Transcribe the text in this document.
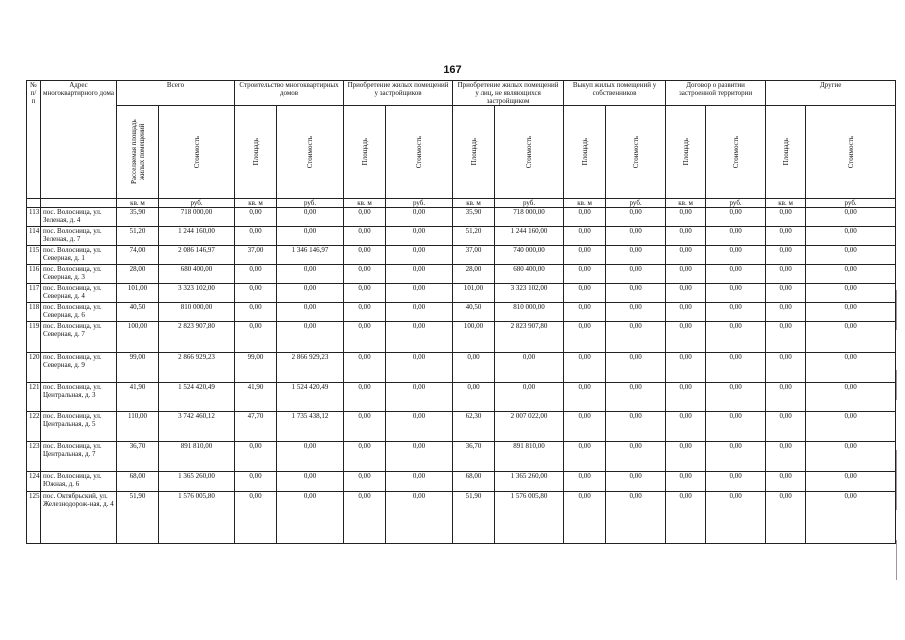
167
№ п/п	Адрес многоквартирного дома	Всего		Строительство многоквартирных домов		Приобретение жилых помещений у застройщиков		Приобретение жилых помещений у лиц, не являющихся застройщиком		Выкуп жилых помещений у собственников		Договор о развитии застроенной территории		Другие	

		Расселяемая площадь жилых помещений	Стоимость	Площадь	Стоимость	Площадь	Стоимость	Площадь	Стоимость	Площадь	Стоимость	Площадь	Стоимость	Площадь	Стоимость

		кв. м	руб.	кв. м	руб.	кв. м	руб.	кв. м	руб.	кв. м	руб.	кв. м	руб.	кв. м	руб.
113	пос. Волосница, ул. Зеленая, д. 4	35,90	718 000,00	0,00	0,00	0,00	0,00	35,90	718 000,00	0,00	0,00	0,00	0,00	0,00	0,00
114	пос. Волосница, ул. Зеленая, д. 7	51,20	1 244 160,00	0,00	0,00	0,00	0,00	51,20	1 244 160,00	0,00	0,00	0,00	0,00	0,00	0,00
115	пос. Волосница, ул. Северная, д. 1	74,00	2 086 146,97	37,00	1 346 146,97	0,00	0,00	37,00	740 000,00	0,00	0,00	0,00	0,00	0,00	0,00
116	пос. Волосница, ул. Северная, д. 3	28,00	680 400,00	0,00	0,00	0,00	0,00	28,00	680 400,00	0,00	0,00	0,00	0,00	0,00	0,00
117	пос. Волосница, ул. Северная, д. 4	101,00	3 323 102,00	0,00	0,00	0,00	0,00	101,00	3 323 102,00	0,00	0,00	0,00	0,00	0,00	0,00
118	пос. Волосница, ул. Северная, д. 6	40,50	810 000,00	0,00	0,00	0,00	0,00	40,50	810 000,00	0,00	0,00	0,00	0,00	0,00	0,00
119	пос. Волосница, ул. Северная, д. 7	100,00	2 823 907,80	0,00	0,00	0,00	0,00	100,00	2 823 907,80	0,00	0,00	0,00	0,00	0,00	0,00
120	пос. Волосница, ул. Северная, д. 9	99,00	2 866 929,23	99,00	2 866 929,23	0,00	0,00	0,00	0,00	0,00	0,00	0,00	0,00	0,00	0,00
121	пос. Волосница, ул. Центральная, д. 3	41,90	1 524 420,49	41,90	1 524 420,49	0,00	0,00	0,00	0,00	0,00	0,00	0,00	0,00	0,00	0,00
122	пос. Волосница, ул. Центральная, д. 5	110,00	3 742 460,12	47,70	1 735 438,12	0,00	0,00	62,30	2 007 022,00	0,00	0,00	0,00	0,00	0,00	0,00
123	пос. Волосница, ул. Центральная, д. 7	36,70	891 810,00	0,00	0,00	0,00	0,00	36,70	891 810,00	0,00	0,00	0,00	0,00	0,00	0,00
124	пос. Волосница, ул. Южная, д. 6	68,00	1 365 260,00	0,00	0,00	0,00	0,00	68,00	1 365 260,00	0,00	0,00	0,00	0,00	0,00	0,00
125	пос. Октябрьский, ул. Железнодорож-ная, д. 4	51,90	1 576 005,80	0,00	0,00	0,00	0,00	51,90	1 576 005,80	0,00	0,00	0,00	0,00	0,00	0,00
